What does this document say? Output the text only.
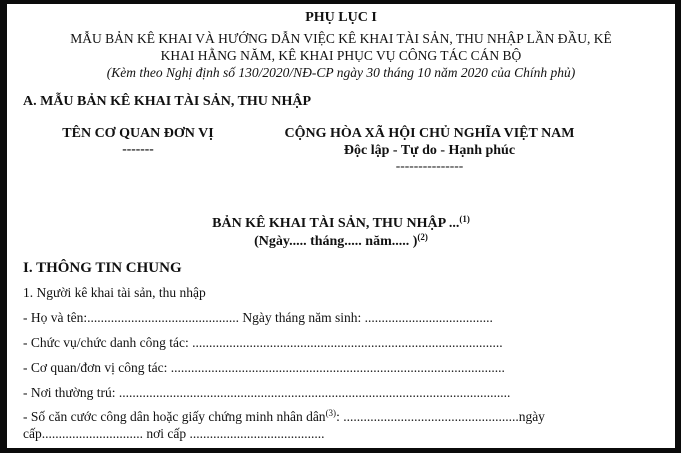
PHỤ LỤC I
MẪU BẢN KÊ KHAI VÀ HƯỚNG DẪN VIỆC KÊ KHAI TÀI SẢN, THU NHẬP LẦN ĐẦU, KÊ
KHAI HẰNG NĂM, KÊ KHAI PHỤC VỤ CÔNG TÁC CÁN BỘ
(Kèm theo Nghị định số 130/2020/NĐ-CP ngày 30 tháng 10 năm 2020 của Chính phủ)
A. MẪU BẢN KÊ KHAI TÀI SẢN, THU NHẬP
TÊN CƠ QUAN ĐƠN VỊ
-------
CỘNG HÒA XÃ HỘI CHỦ NGHĨA VIỆT NAM
Độc lập - Tự do - Hạnh phúc
---------------
BẢN KÊ KHAI TÀI SẢN, THU NHẬP ...$^{(1)}$
(Ngày..... tháng..... năm..... )$^{(2)}$
I. THÔNG TIN CHUNG
1. Người kê khai tài sản, thu nhập
- Họ và tên:............................................. Ngày tháng năm sinh: ......................................
- Chức vụ/chức danh công tác: ............................................................................................
- Cơ quan/đơn vị công tác: ...................................................................................................
- Nơi thường trú: ....................................................................................................................
- Số căn cước công dân hoặc giấy chứng minh nhân dân$^{(3)}$: ....................................................ngày
cấp.............................. nơi cấp ........................................
